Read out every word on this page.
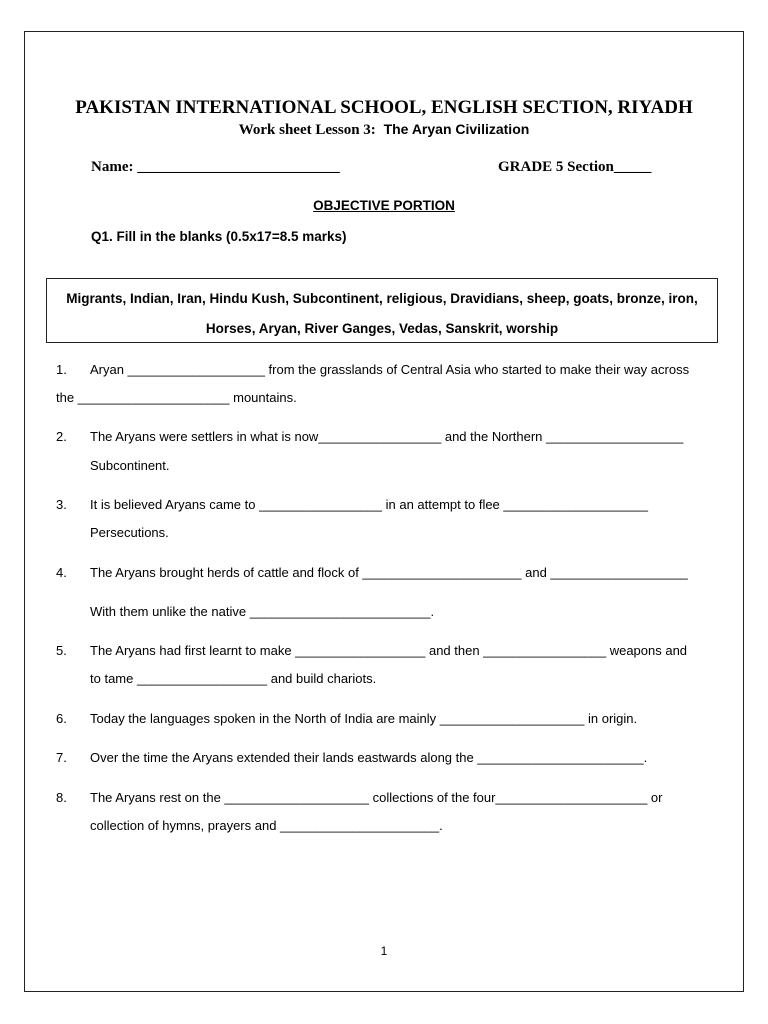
PAKISTAN INTERNATIONAL SCHOOL, ENGLISH SECTION, RIYADH
Work sheet Lesson 3: The Aryan Civilization
Name: ___________________________	GRADE 5 Section_____
OBJECTIVE PORTION
Q1. Fill in the blanks (0.5x17=8.5 marks)
Migrants, Indian, Iran, Hindu Kush, Subcontinent, religious, Dravidians, sheep, goats, bronze, iron,
Horses, Aryan, River Ganges, Vedas, Sanskrit, worship
1. Aryan ___________________ from the grasslands of Central Asia who started to make their way across
the _____________________ mountains.
2. The Aryans were settlers in what is now_________________ and the Northern ___________________
Subcontinent.
3. It is believed Aryans came to _________________ in an attempt to flee ____________________
Persecutions.
4. The Aryans brought herds of cattle and flock of ______________________ and ___________________
With them unlike the native _________________________.
5. The Aryans had first learnt to make __________________ and then _________________ weapons and
to tame __________________ and build chariots.
6. Today the languages spoken in the North of India are mainly ____________________ in origin.
7. Over the time the Aryans extended their lands eastwards along the _______________________.
8. The Aryans rest on the ____________________ collections of the four_____________________ or
collection of hymns, prayers and ______________________.
1
